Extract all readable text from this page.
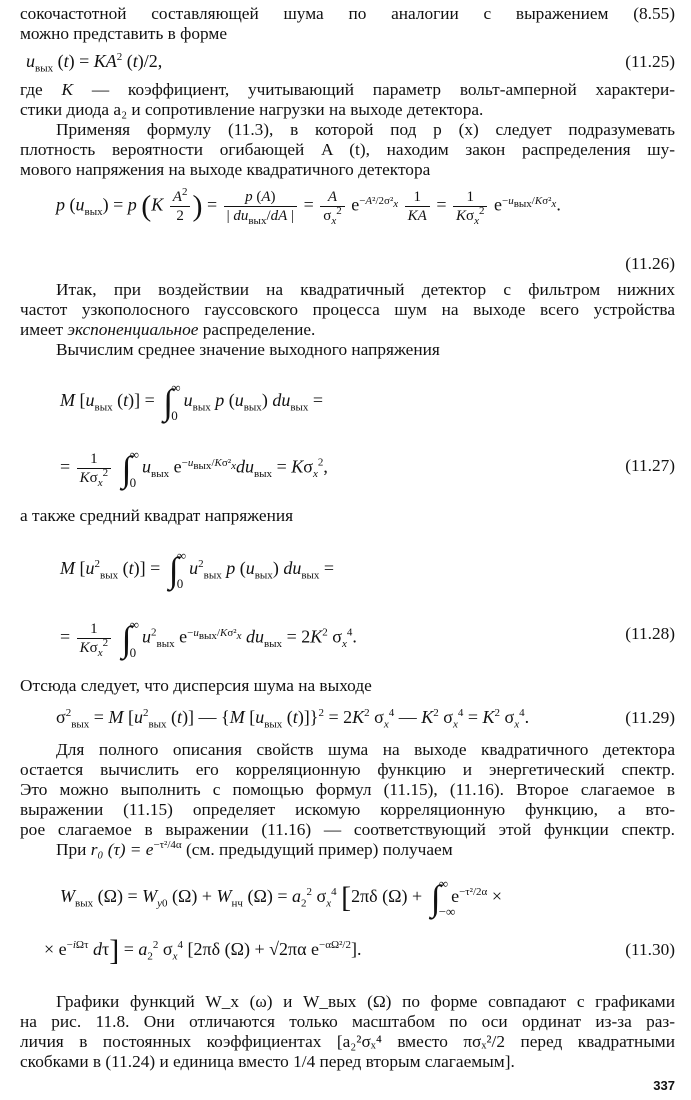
сокочастотной составляющей шума по аналогии с выражением (8.55)
можно представить в форме
$u_{вых}$ $(t) = KA^2$ (t)/2,	(11.25)
где K — коэффициент, учитывающий параметр вольт-амперной характери-
стики диода a₂ и сопротивление нагрузки на выходе детектора.
Применяя формулу (11.3), в которой под p (x) следует подразумевать
плотность вероятности огибающей A (t), находим закон распределения шу-
мового напряжения на выходе квадратичного детектора
p $(u_{вых}) = p$ ($K \frac{A^2}{2}$ ) = $\frac{p (A)}{| du_{вых}/dA |} = \frac{A}{\sigma_x^2} e^{-A^2/2\sigma^2_x} \frac{1}{KA} = \frac{1}{K\sigma_x^2} e^{-u_{вых}/K\sigma^2_x}$.
(11.26)
Итак, при воздействии на квадратичный детектор с фильтром нижних
частот узкополосного гауссовского процесса шум на выходе всего устройства
имеет экспоненциальное распределение.
Вычислим среднее значение выходного напряжения
M [$u_{вых}$ (t)] = ∫
∞
0
$u_{вых}$ p $(u_{вых}) du_{вых}$ =
= $\frac{1}{K\sigma_x^2}$ ∫
∞
0
$u_{вых}$ $e^{-u_{вых}/K\sigma^2_x}du_{вых} = K\sigma_x^2$,	(11.27)
а также средний квадрат напряжения
M [$u^2_{вых}$ (t)] = ∫
∞
0
$u^2_{вых}$ p $(u_{вых}) du_{вых}$ =
= $\frac{1}{K\sigma_x^2}$ ∫
∞
0
$u^2_{вых}$ $e^{-u_{вых}/K\sigma^2_x}$ $du_{вых} = 2K^2$ $\sigma_x^4$.	(11.28)
Отсюда следует, что дисперсия шума на выходе
$\sigma^2_{вых} = M$ [$u^2_{вых}$ (t)] — {M [$u_{вых}$ $(t)]\}^2 = 2K^2$ $\sigma_x^4$ — $K^2$ $\sigma_x^4 = K^2$ $\sigma_x^4$.	(11.29)
Для полного описания свойств шума на выходе квадратичного детектора
остается вычислить его корреляционную функцию и энергетический спектр.
Это можно выполнить с помощью формул (11.15), (11.16). Второе слагаемое в
выражении (11.15) определяет искомую корреляционную функцию, а вто-
рое слагаемое в выражении (11.16) — соответствующий этой функции спектр.
При r₀ $(\tau) = e^{-\tau^2/4\alpha}$ (см. предыдущий пример) получаем
$W_{вых}$ $(\Omega) = W_{y0}$ $(\Omega) + W_{нч}$ $(\Omega) = a_2^2$ $\sigma_x^4$ [2πδ (Ω) + ∫
∞
−∞
$e^{-\tau^2/2\alpha}$ ×
× $e^{-i\Omega\tau}$ $d\tau] = a_2^2$ $\sigma_x^4$ [2πδ (Ω) + √2πα $e^{-\alpha\Omega^2/2}$].	(11.30)
Графики функций W_x (ω) и W_вых (Ω) по форме совпадают с графиками
на рис. 11.8. Они отличаются только масштабом по оси ординат из-за раз-
личия в постоянных коэффициентах [a₂²σₓ⁴ вместо πσₓ²/2 перед квадратными
скобками в (11.24) и единица вместо 1/4 перед вторым слагаемым].
337
